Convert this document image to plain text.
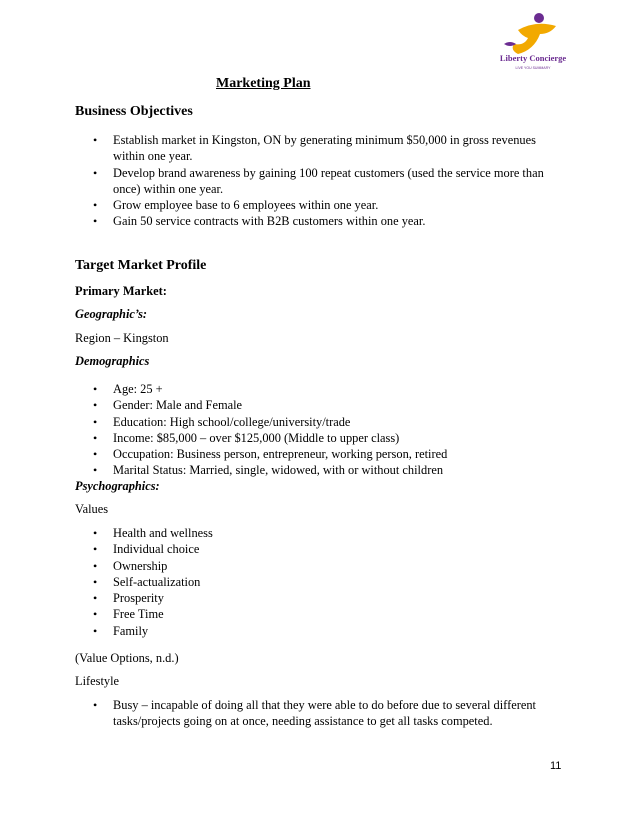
Liberty Concierge
LIVE YOU SUMMARY
Marketing Plan
Business Objectives
• Establish market in Kingston, ON by generating minimum $50,000 in gross revenues
within one year.
• Develop brand awareness by gaining 100 repeat customers (used the service more than
once) within one year.
• Grow employee base to 6 employees within one year.
• Gain 50 service contracts with B2B customers within one year.
Target Market Profile
Primary Market:
Geographic’s:
Region – Kingston
Demographics
• Age: 25 +
• Gender: Male and Female
• Education: High school/college/university/trade
• Income: $85,000 – over $125,000 (Middle to upper class)
• Occupation: Business person, entrepreneur, working person, retired
• Marital Status: Married, single, widowed, with or without children
Psychographics:
Values
• Health and wellness
• Individual choice
• Ownership
• Self-actualization
• Prosperity
• Free Time
• Family
(Value Options, n.d.)
Lifestyle
• Busy – incapable of doing all that they were able to do before due to several different
tasks/projects going on at once, needing assistance to get all tasks competed.
11
